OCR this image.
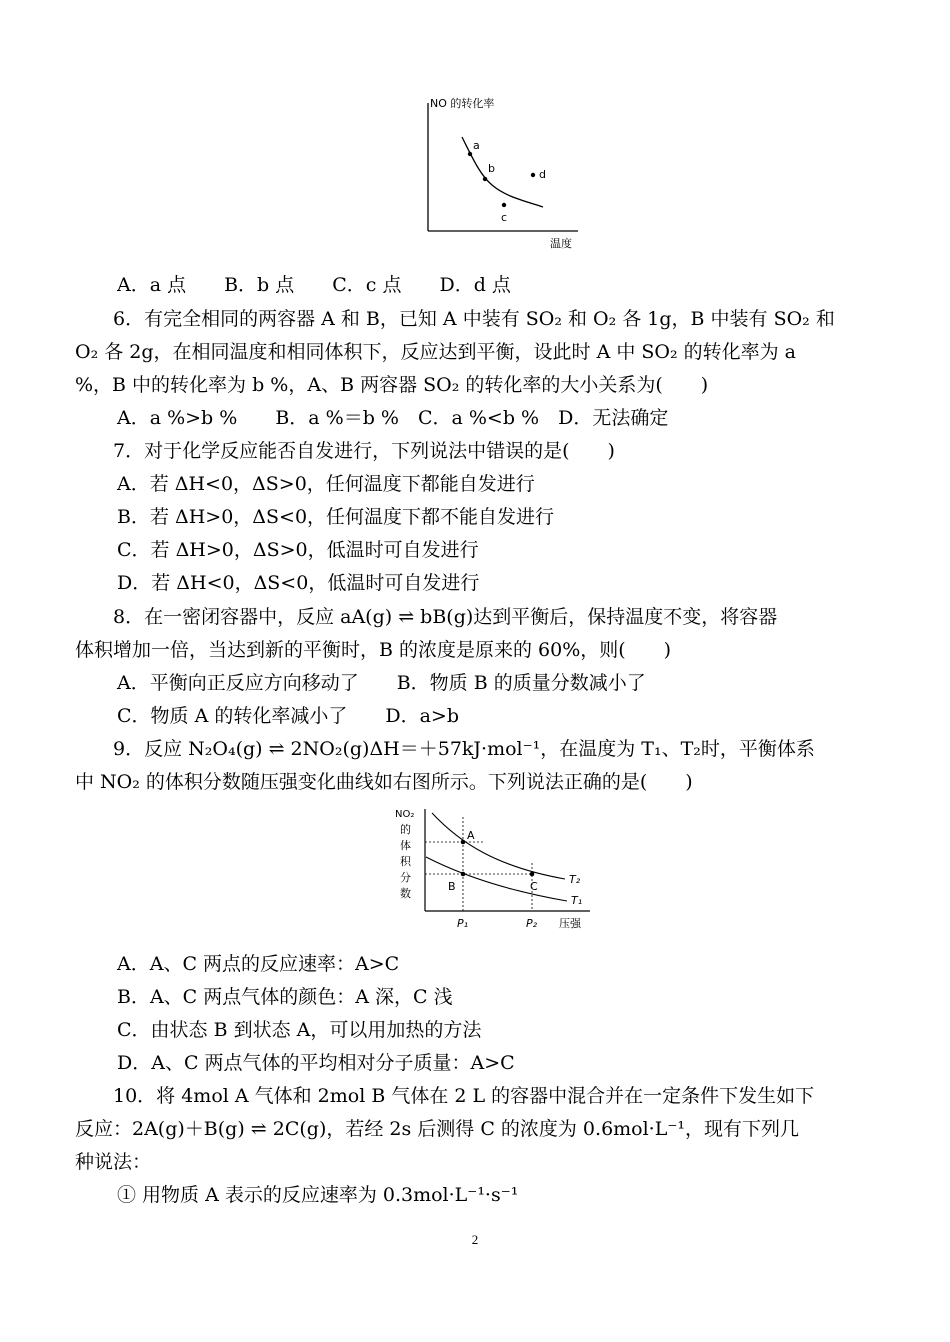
NO 的转化率
温度
a
b
c
d
A．a 点　　B．b 点　　C．c 点　　D．d 点
　　6．有完全相同的两容器 A 和 B，已知 A 中装有 SO₂ 和 O₂ 各 1g，B 中装有 SO₂ 和
O₂ 各 2g，在相同温度和相同体积下，反应达到平衡，设此时 A 中 SO₂ 的转化率为 a
%，B 中的转化率为 b %，A、B 两容器 SO₂ 的转化率的大小关系为(　　)
A．a %>b %　　B．a %＝b %　C．a %<b %　D．无法确定
　　7．对于化学反应能否自发进行，下列说法中错误的是(　　)
A．若 ΔH<0，ΔS>0，任何温度下都能自发进行
B．若 ΔH>0，ΔS<0，任何温度下都不能自发进行
C．若 ΔH>0，ΔS>0，低温时可自发进行
D．若 ΔH<0，ΔS<0，低温时可自发进行
　　8．在一密闭容器中，反应 aA(g) ⇌ bB(g)达到平衡后，保持温度不变，将容器
体积增加一倍，当达到新的平衡时，B 的浓度是原来的 60%，则(　　)
A．平衡向正反应方向移动了　　B．物质 B 的质量分数减小了
C．物质 A 的转化率减小了　　D．a>b
　　9．反应 N₂O₄(g) ⇌ 2NO₂(g)ΔH＝＋57kJ·mol⁻¹，在温度为 T₁、T₂时，平衡体系
中 NO₂ 的体积分数随压强变化曲线如右图所示。下列说法正确的是(　　)
NO₂
的
体
积
分
数
A
B	C
T₂
T₁
P₁	P₂ 压强
A．A、C 两点的反应速率：A>C
B．A、C 两点气体的颜色：A 深，C 浅
C．由状态 B 到状态 A，可以用加热的方法
D．A、C 两点气体的平均相对分子质量：A>C
　　10．将 4mol A 气体和 2mol B 气体在 2 L 的容器中混合并在一定条件下发生如下
反应：2A(g)＋B(g) ⇌ 2C(g)，若经 2s 后测得 C 的浓度为 0.6mol·L⁻¹，现有下列几
种说法：
① 用物质 A 表示的反应速率为 0.3mol·L⁻¹·s⁻¹
2
